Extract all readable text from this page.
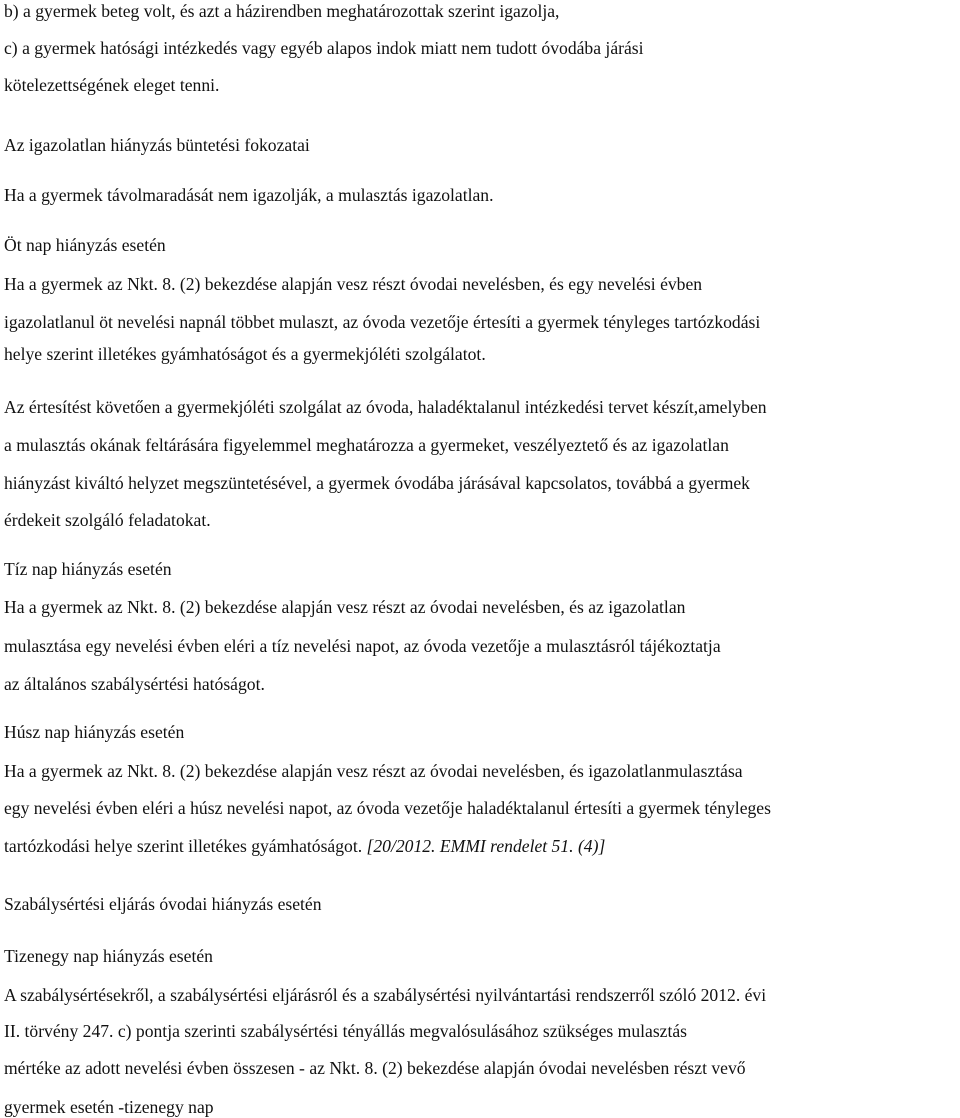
b) a gyermek beteg volt, és azt a házirendben meghatározottak szerint igazolja,
c) a gyermek hatósági intézkedés vagy egyéb alapos indok miatt nem tudott óvodába járási
kötelezettségének eleget tenni.
Az igazolatlan hiányzás büntetési fokozatai
Ha a gyermek távolmaradását nem igazolják, a mulasztás igazolatlan.
Öt nap hiányzás esetén
Ha a gyermek az Nkt. 8. (2) bekezdése alapján vesz részt óvodai nevelésben, és egy nevelési évben
igazolatlanul öt nevelési napnál többet mulaszt, az óvoda vezetője értesíti a gyermek tényleges tartózkodási
helye szerint illetékes gyámhatóságot és a gyermekjóléti szolgálatot.
Az értesítést követően a gyermekjóléti szolgálat az óvoda, haladéktalanul intézkedési tervet készít,amelyben
a mulasztás okának feltárására figyelemmel meghatározza a gyermeket, veszélyeztető és az igazolatlan
hiányzást kiváltó helyzet megszüntetésével, a gyermek óvodába járásával kapcsolatos, továbbá a gyermek
érdekeit szolgáló feladatokat.
Tíz nap hiányzás esetén
Ha a gyermek az Nkt. 8. (2) bekezdése alapján vesz részt az óvodai nevelésben, és az igazolatlan
mulasztása egy nevelési évben eléri a tíz nevelési napot, az óvoda vezetője a mulasztásról tájékoztatja
az általános szabálysértési hatóságot.
Húsz nap hiányzás esetén
Ha a gyermek az Nkt. 8. (2) bekezdése alapján vesz részt az óvodai nevelésben, és igazolatlanmulasztása
egy nevelési évben eléri a húsz nevelési napot, az óvoda vezetője haladéktalanul értesíti a gyermek tényleges
tartózkodási helye szerint illetékes gyámhatóságot. [20/2012. EMMI rendelet 51. (4)]
Szabálysértési eljárás óvodai hiányzás esetén
Tizenegy nap hiányzás esetén
A szabálysértésekről, a szabálysértési eljárásról és a szabálysértési nyilvántartási rendszerről szóló 2012. évi
II. törvény 247. c) pontja szerinti szabálysértési tényállás megvalósulásához szükséges mulasztás
mértéke az adott nevelési évben összesen - az Nkt. 8. (2) bekezdése alapján óvodai nevelésben részt vevő
gyermek esetén -tizenegy nap
